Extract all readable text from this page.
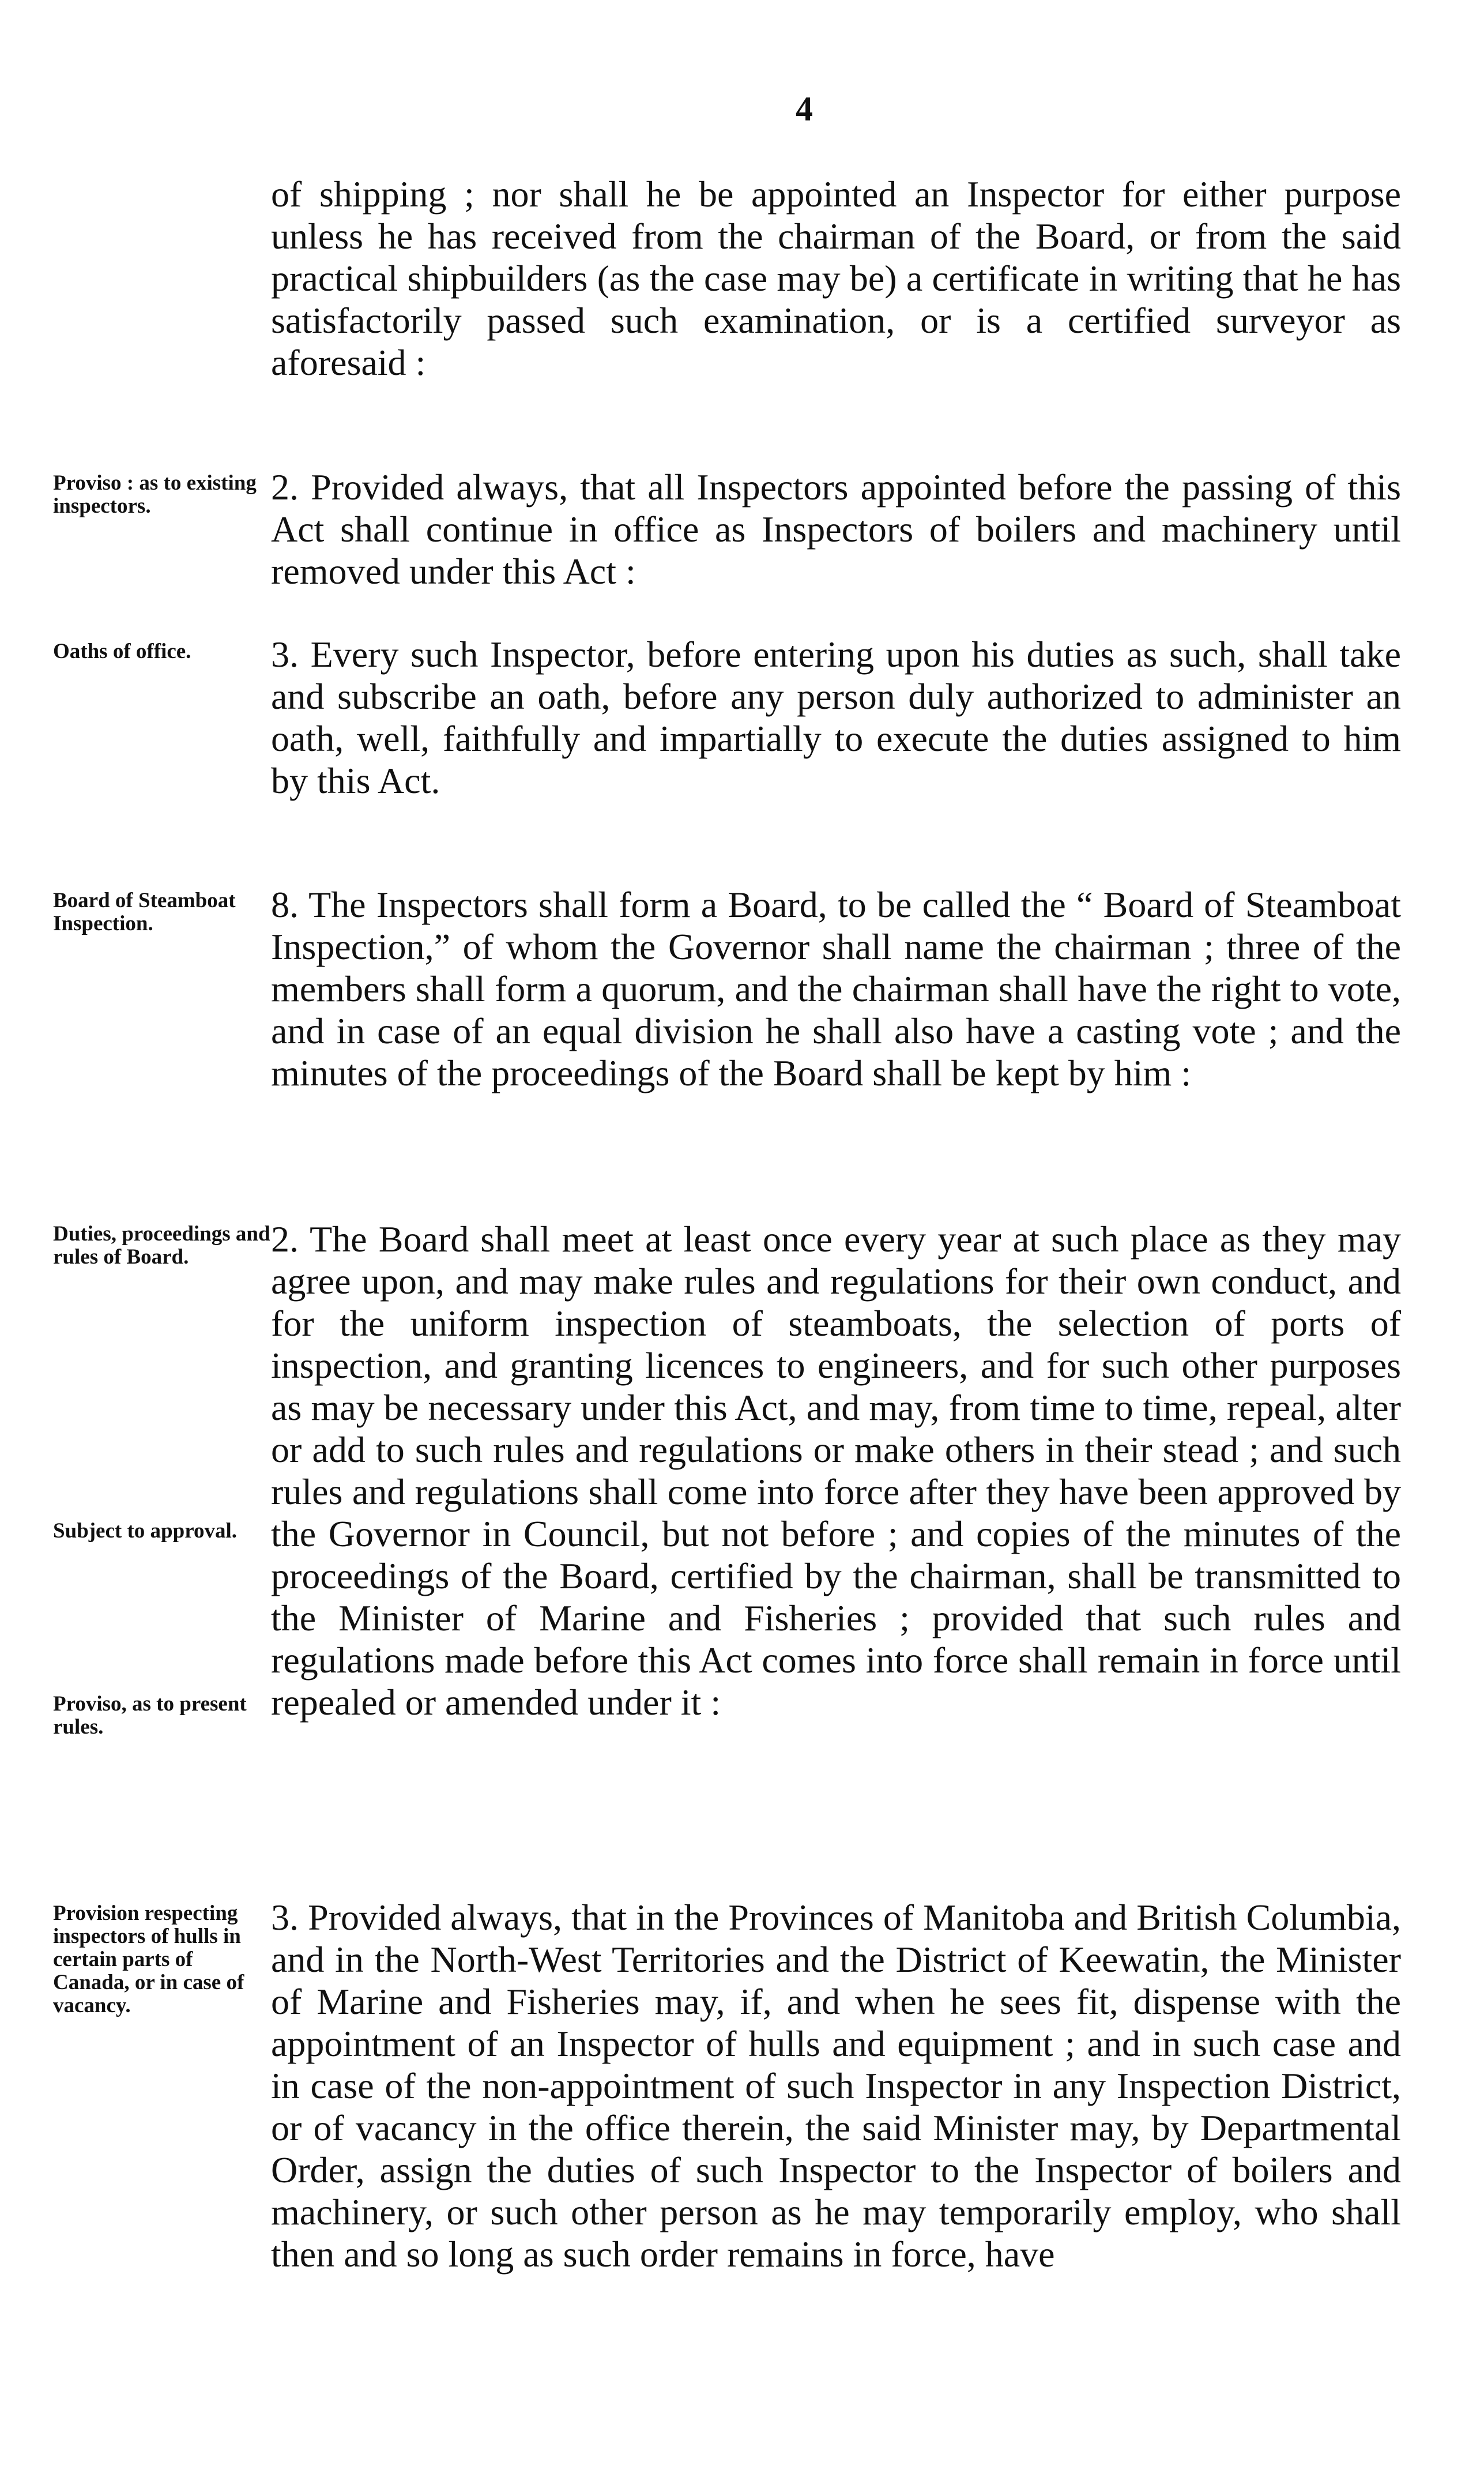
4

of shipping ; nor shall he be appointed an Inspector for either purpose unless he has received from the chairman of the Board, or from the said practical shipbuilders (as the case may be) a certificate in writing that he has satisfactorily passed such examination, or is a certified surveyor as aforesaid :

Proviso : as to existing inspectors.	2. Provided always, that all Inspectors appointed before the passing of this Act shall continue in office as Inspectors of boilers and machinery until removed under this Act :

Oaths of office.	3. Every such Inspector, before entering upon his duties as such, shall take and subscribe an oath, before any person duly authorized to administer an oath, well, faithfully and impartially to execute the duties assigned to him by this Act.

Board of Steamboat Inspection.	8. The Inspectors shall form a Board, to be called the “ Board of Steamboat Inspection,” of whom the Governor shall name the chairman ; three of the members shall form a quorum, and the chairman shall have the right to vote, and in case of an equal division he shall also have a casting vote ; and the minutes of the proceedings of the Board shall be kept by him :

Duties, proceedings and rules of Board.
Subject to approval.
Proviso, as to present rules.

2. The Board shall meet at least once every year at such place as they may agree upon, and may make rules and regulations for their own conduct, and for the uniform inspection of steamboats, the selection of ports of inspection, and granting licences to engineers, and for such other purposes as may be necessary under this Act, and may, from time to time, repeal, alter or add to such rules and regulations or make others in their stead ; and such rules and regulations shall come into force after they have been approved by the Governor in Council, but not before ; and copies of the minutes of the proceedings of the Board, certified by the chairman, shall be transmitted to the Minister of Marine and Fisheries ; provided that such rules and regulations made before this Act comes into force shall remain in force until repealed or amended under it :

Provision respecting inspectors of hulls in certain parts of Canada, or in case of vacancy.

3. Provided always, that in the Provinces of Manitoba and British Columbia, and in the North-West Territories and the District of Keewatin, the Minister of Marine and Fisheries may, if, and when he sees fit, dispense with the appointment of an Inspector of hulls and equipment ; and in such case and in case of the non-appointment of such Inspector in any Inspection District, or of vacancy in the office therein, the said Minister may, by Departmental Order, assign the duties of such Inspector to the Inspector of boilers and machinery, or such other person as he may temporarily employ, who shall then and so long as such order remains in force, have
